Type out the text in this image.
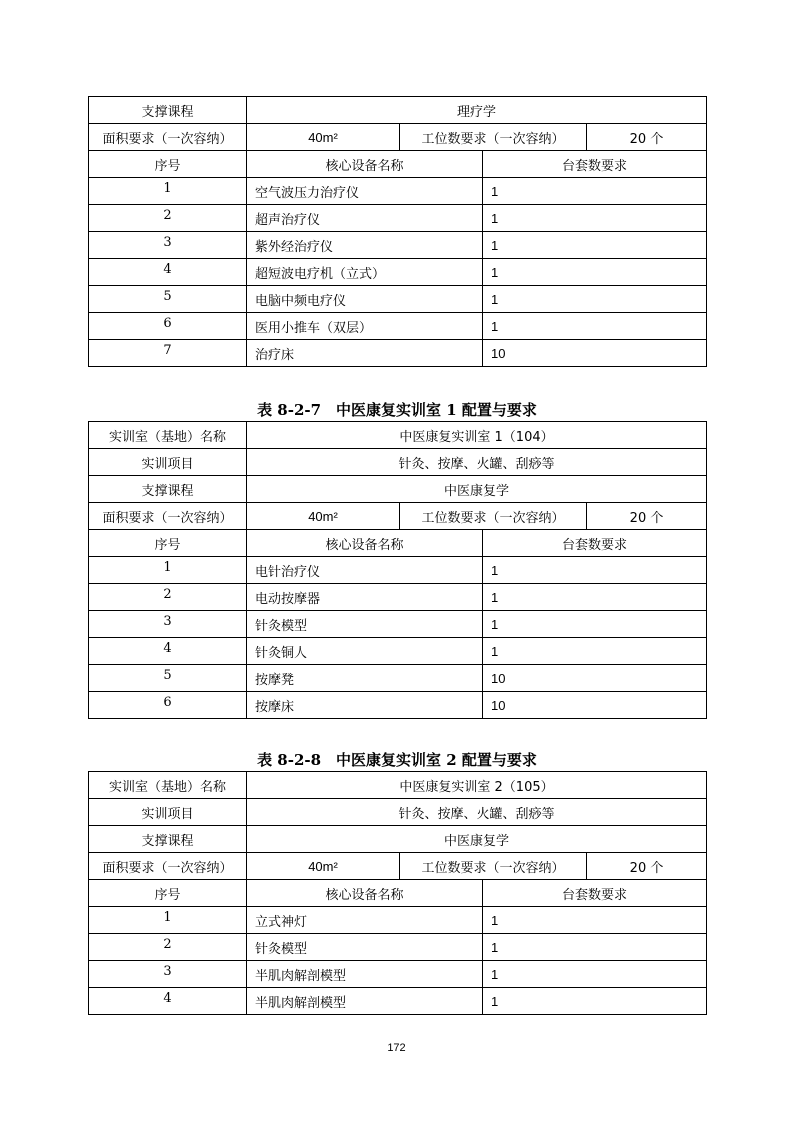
支撑课程	理疗学			
面积要求（一次容纳）	40m²	工位数要求（一次容纳）		20 个
序号	核心设备名称		台套数要求	
1	空气波压力治疗仪		1	
2	超声治疗仪		1	
3	紫外经治疗仪		1	
4	超短波电疗机（立式）		1	
5	电脑中频电疗仪		1	
6	医用小推车（双层）		1	
7	治疗床		10	
表 8-2-7　中医康复实训室 1 配置与要求
实训室（基地）名称	中医康复实训室 1（104）			
实训项目	针灸、按摩、火罐、刮痧等			
支撑课程	中医康复学			
面积要求（一次容纳）	40m²	工位数要求（一次容纳）		20 个
序号	核心设备名称		台套数要求	
1	电针治疗仪		1	
2	电动按摩器		1	
3	针灸模型		1	
4	针灸铜人		1	
5	按摩凳		10	
6	按摩床		10	
表 8-2-8　中医康复实训室 2 配置与要求
实训室（基地）名称	中医康复实训室 2（105）			
实训项目	针灸、按摩、火罐、刮痧等			
支撑课程	中医康复学			
面积要求（一次容纳）	40m²	工位数要求（一次容纳）		20 个
序号	核心设备名称		台套数要求	
1	立式神灯		1	
2	针灸模型		1	
3	半肌肉解剖模型		1	
4	半肌肉解剖模型		1	
172
